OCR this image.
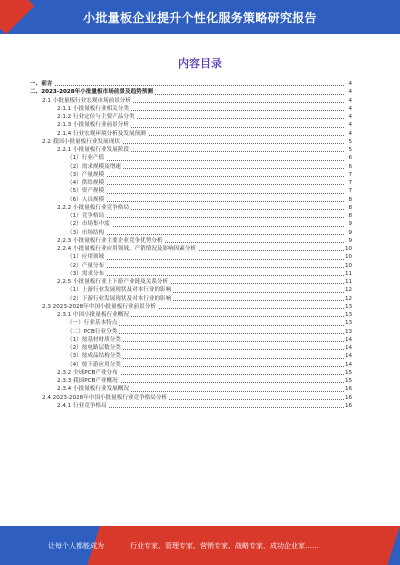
小批量板企业提升个性化服务策略研究报告
内容目录
一、前言	4
二、2023-2028年小批量板市场前景及趋势预测	4
2.1 小批量板行业宏观市场前景分析	4
2.1.1 小批量板行业相关分类	4
2.1.2 行业定位与主要产品分类	4
2.1.3 小批量板行业前景分析	4
2.1.4 行业宏观环境分析及发展预测	4
2.2 我国小批量板行业发展现状	5
2.2.1 小批量板行业发展阶段	5
（1）行业产值	6
（2）需求规模及增速	6
（3）产量规模	7
（4）供给规模	7
（5）资产规模	7
（6）人员规模	8
2.2.2 小批量板行业竞争格局	8
（1）竞争格局	8
（2）市场集中度	9
（3）市场结构	9
2.2.3 小批量板行业主要企业竞争优势分析	9
2.2.4 小批量板行业应用领域、产销情况及影响因素分析	10
（1）应用领域	10
（2）产量分布	10
（3）需求分布	11
2.2.5 小批量板行业上下游产业链及关系分析	11
（1）上游行业发展现状及对本行业的影响	12
（2）下游行业发展现状及对本行业的影响	12
2.3 2023-2028年中国小批量板行业前景分析	13
2.3.1 中国小批量板行业概况	13
（一）行业基本特点	13
（二）PCB行业分类	13
（1）按基材材质分类	14
（2）按电路层数分类	14
（3）按成品结构分类	14
（4）按下游应用分类	14
2.3.2 全球PCB产业分布	15
2.3.3 我国PCB产业概况	15
2.3.4 小批量板行业发展概况	16
2.4 2023-2028年中国小批量板行业竞争格局分析	16
2.4.1 行业竞争格局	16
让每个人都能成为	行业专家、管理专家、营销专家、战略专家、成功企业家……
